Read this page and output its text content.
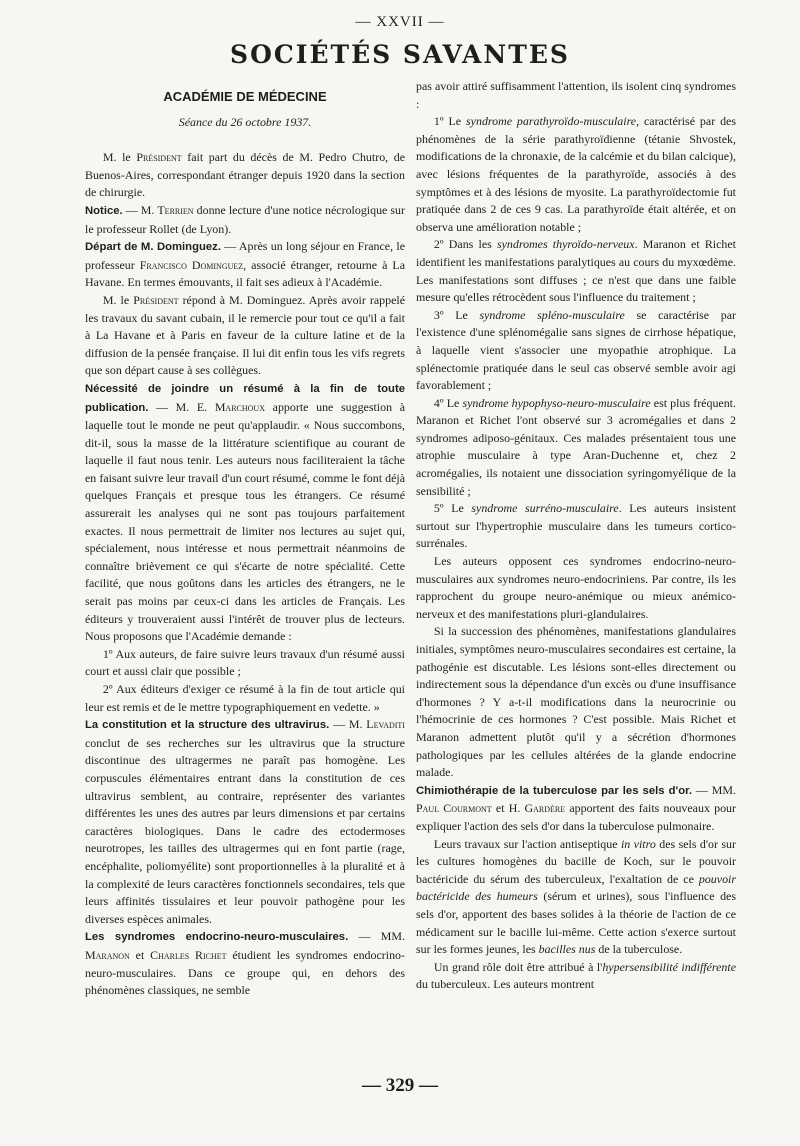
— XXVII —
SOCIÉTÉS SAVANTES
ACADÉMIE DE MÉDECINE
Séance du 26 octobre 1937.

M. le Président fait part du décès de M. Pedro Chutro, de Buenos-Aires, correspondant étranger depuis 1920 dans la section de chirurgie.

Notice. — M. Terrien donne lecture d'une notice nécrologique sur le professeur Rollet (de Lyon).

Départ de M. Dominguez. — Après un long séjour en France, le professeur Francisco Dominguez, associé étranger, retourne à La Havane. En termes émouvants, il fait ses adieux à l'Académie.

M. le Président répond à M. Dominguez. Après avoir rappelé les travaux du savant cubain, il le remercie pour tout ce qu'il a fait à La Havane et à Paris en faveur de la culture latine et de la diffusion de la pensée française. Il lui dit enfin tous les vifs regrets que son départ cause à ses collègues.

Nécessité de joindre un résumé à la fin de toute publication. — M. E. Marchoux apporte une suggestion à laquelle tout le monde ne peut qu'applaudir. « Nous succombons, dit-il, sous la masse de la littérature scientifique au courant de laquelle il faut nous tenir. Les auteurs nous faciliteraient la tâche en faisant suivre leur travail d'un court résumé, comme le font déjà quelques Français et presque tous les étrangers. Ce résumé assurerait les analyses qui ne sont pas toujours parfaitement exactes. Il nous permettrait de limiter nos lectures au sujet qui, spécialement, nous intéresse et nous permettrait néanmoins de connaître brièvement ce qui s'écarte de notre spécialité. Cette facilité, que nous goûtons dans les articles des étrangers, ne le serait pas moins par ceux-ci dans les articles de Français. Les éditeurs y trouveraient aussi l'intérêt de trouver plus de lecteurs. Nous proposons que l'Académie demande :

1º Aux auteurs, de faire suivre leurs travaux d'un résumé aussi court et aussi clair que possible ;

2º Aux éditeurs d'exiger ce résumé à la fin de tout article qui leur est remis et de le mettre typographiquement en vedette. »

La constitution et la structure des ultravirus. — M. Levaditi conclut de ses recherches sur les ultravirus que la structure discontinue des ultragermes ne paraît pas homogène. Les corpuscules élémentaires entrant dans la constitution de ces ultravirus semblent, au contraire, représenter des variantes différentes les unes des autres par leurs dimensions et par certains caractères biologiques. Dans le cadre des ectodermoses neurotropes, les tailles des ultragermes qui en font partie (rage, encéphalite, poliomyélite) sont proportionnelles à la pluralité et à la complexité de leurs caractères fonctionnels secondaires, tels que leurs affinités tissulaires et leur pouvoir pathogène pour les diverses espèces animales.

Les syndromes endocrino-neuro-musculaires. — MM. Maranon et Charles Richet étudient les syndromes endocrino-neuro-musculaires. Dans ce groupe qui, en dehors des phénomènes classiques, ne semble

pas avoir attiré suffisamment l'attention, ils isolent cinq syndromes :

1º Le syndrome parathyroïdo-musculaire, caractérisé par des phénomènes de la série parathyroïdienne (tétanie Shvostek, modifications de la chronaxie, de la calcémie et du bilan calcique), avec lésions fréquentes de la parathyroïde, associés à des symptômes et à des lésions de myosite. La parathyroïdectomie fut pratiquée dans 2 de ces 9 cas. La parathyroïde était altérée, et on observa une amélioration notable ;

2º Dans les syndromes thyroïdo-nerveux. Maranon et Richet identifient les manifestations paralytiques au cours du myxœdème. Les manifestations sont diffuses ; ce n'est que dans une faible mesure qu'elles rétrocèdent sous l'influence du traitement ;

3º Le syndrome spléno-musculaire se caractérise par l'existence d'une splénomégalie sans signes de cirrhose hépatique, à laquelle vient s'associer une myopathie atrophique. La splénectomie pratiquée dans le seul cas observé semble avoir agi favorablement ;

4º Le syndrome hypophyso-neuro-musculaire est plus fréquent. Maranon et Richet l'ont observé sur 3 acromégalies et dans 2 syndromes adiposo-génitaux. Ces malades présentaient tous une atrophie musculaire à type Aran-Duchenne et, chez 2 acromégalies, ils notaient une dissociation syringomyélique de la sensibilité ;

5º Le syndrome surréno-musculaire. Les auteurs insistent surtout sur l'hypertrophie musculaire dans les tumeurs cortico-surrénales.

Les auteurs opposent ces syndromes endocrino-neuro-musculaires aux syndromes neuro-endocriniens. Par contre, ils les rapprochent du groupe neuro-anémique ou mieux anémico-nerveux et des manifestations pluri-glandulaires.

Si la succession des phénomènes, manifestations glandulaires initiales, symptômes neuro-musculaires secondaires est certaine, la pathogénie est discutable. Les lésions sont-elles directement ou indirectement sous la dépendance d'un excès ou d'une insuffisance d'hormones ? Y a-t-il modifications dans la neurocrinie ou l'hémocrinie de ces hormones ? C'est possible. Mais Richet et Maranon admettent plutôt qu'il y a sécrétion d'hormones pathologiques par les cellules altérées de la glande endocrine malade.

Chimiothérapie de la tuberculose par les sels d'or. — MM. Paul Courmont et H. Gardère apportent des faits nouveaux pour expliquer l'action des sels d'or dans la tuberculose pulmonaire.

Leurs travaux sur l'action antiseptique in vitro des sels d'or sur les cultures homogènes du bacille de Koch, sur le pouvoir bactéricide du sérum des tuberculeux, l'exaltation de ce pouvoir bactéricide des humeurs (sérum et urines), sous l'influence des sels d'or, apportent des bases solides à la théorie de l'action de ce médicament sur le bacille lui-même. Cette action s'exerce surtout sur les formes jeunes, les bacilles nus de la tuberculose.

Un grand rôle doit être attribué à l'hypersensibilité indifférente du tuberculeux. Les auteurs montrent

— 329 —
